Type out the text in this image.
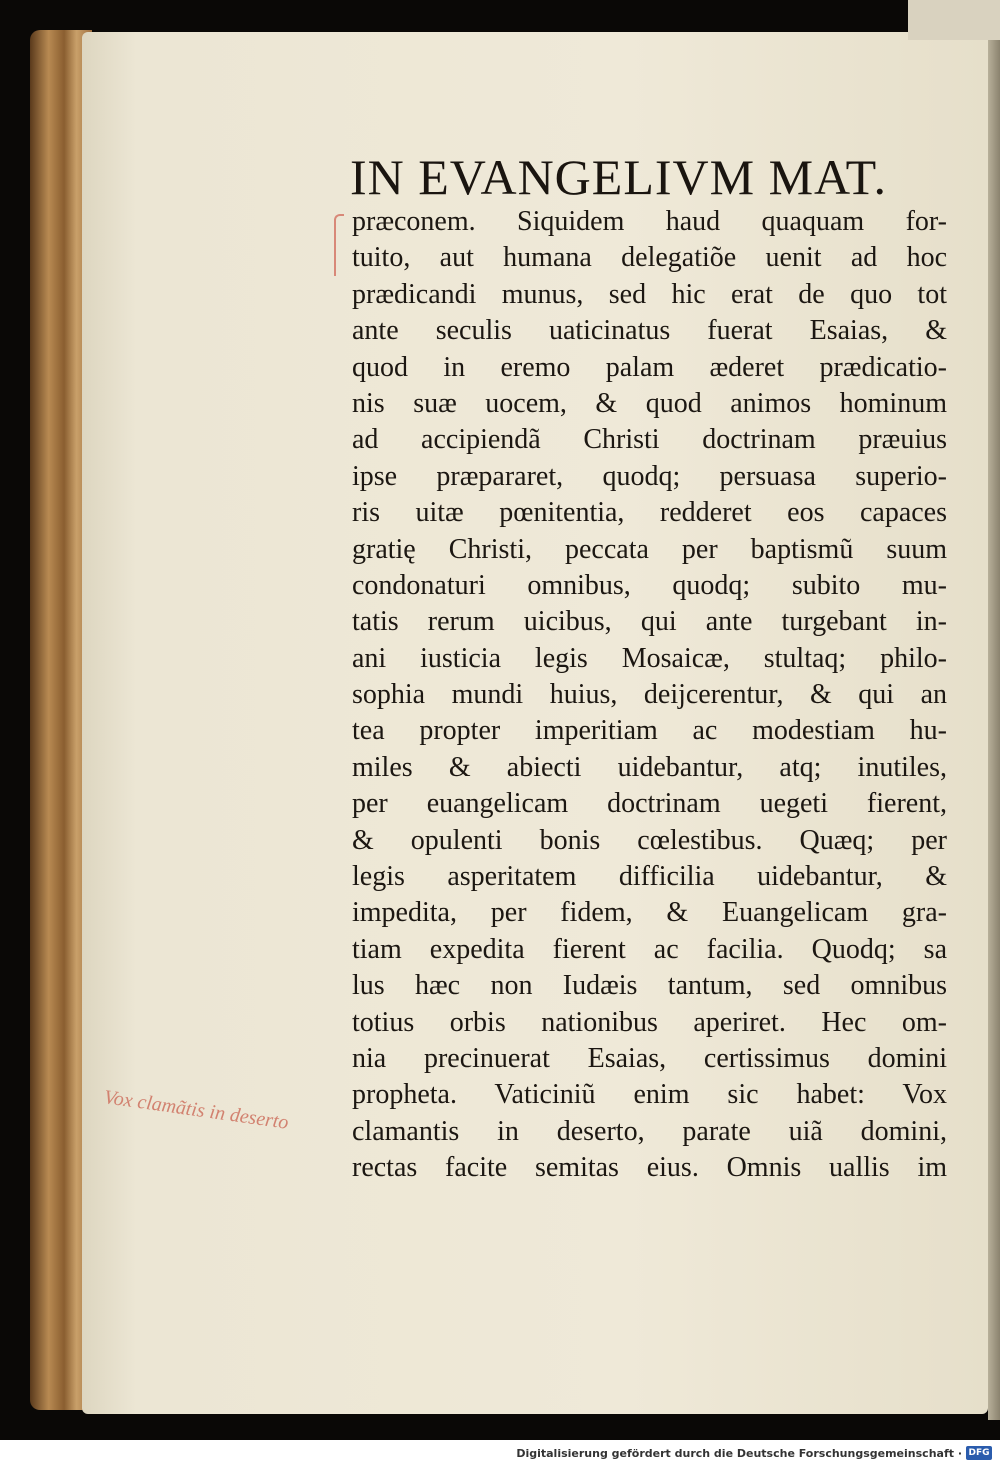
IN EVANGELIVM MAT.
præconem. Siquidem haud quaquam for-
tuito, aut humana delegatiõe uenit ad hoc
prædicandi munus, sed hic erat de quo tot
ante seculis uaticinatus fuerat Esaias, &
quod in eremo palam æderet prædicatio-
nis suæ uocem, & quod animos hominum
ad accipiendã Christi doctrinam præuius
ipse præpararet, quodq; persuasa superio-
ris uitæ pœnitentia, redderet eos capaces
gratię Christi, peccata per baptismũ suum
condonaturi omnibus, quodq; subito mu-
tatis rerum uicibus, qui ante turgebant in-
ani iusticia legis Mosaicæ, stultaq; philo-
sophia mundi huius, deijcerentur, & qui an
tea propter imperitiam ac modestiam hu-
miles & abiecti uidebantur, atq; inutiles,
per euangelicam doctrinam uegeti fierent,
& opulenti bonis cœlestibus. Quæq; per
legis asperitatem difficilia uidebantur, &
impedita, per fidem, & Euangelicam gra-
tiam expedita fierent ac facilia. Quodq; sa
lus hæc non Iudæis tantum, sed omnibus
totius orbis nationibus aperiret. Hec om-
nia precinuerat Esaias, certissimus domini
propheta. Vaticiniũ enim sic habet: Vox
clamantis in deserto, parate uiã domini,
rectas facite semitas eius. Omnis uallis im
Vox clamãtis in deserto
Digitalisierung gefördert durch die Deutsche Forschungsgemeinschaft · DFG
